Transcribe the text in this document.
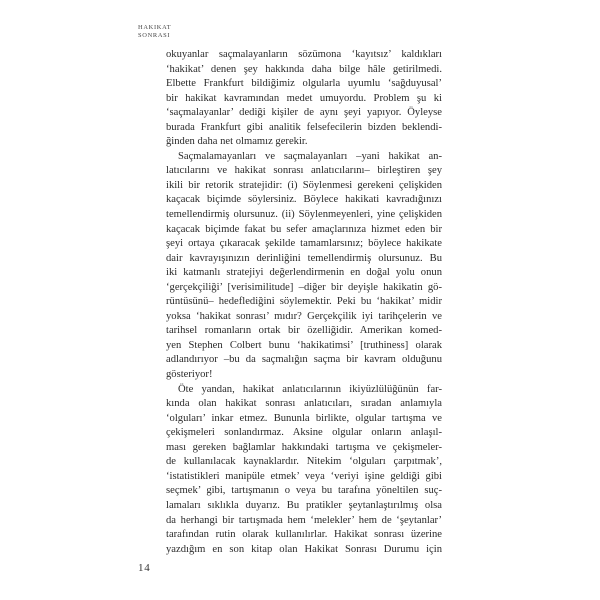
HAKIKAT
SONRASI
okuyanlar saçmalayanların sözümona ‘kayıtsız’ kaldıkları
‘hakikat’ denen şey hakkında daha bilge hâle getirilmedi.
Elbette Frankfurt bildiğimiz olgularla uyumlu ‘sağduyusal’
bir hakikat kavramından medet umuyordu. Problem şu ki
‘saçmalayanlar’ dediği kişiler de aynı şeyi yapıyor. Öyleyse
burada Frankfurt gibi analitik felsefecilerin bizden beklendi-
ğinden daha net olmamız gerekir.
Saçmalamayanları ve saçmalayanları –yani hakikat an-
latıcılarını ve hakikat sonrası anlatıcılarını– birleştiren şey
ikili bir retorik stratejidir: (i) Söylenmesi gerekeni çelişkiden
kaçacak biçimde söylersiniz. Böylece hakikati kavradığınızı
temellendirmiş olursunuz. (ii) Söylenmeyenleri, yine çelişkiden
kaçacak biçimde fakat bu sefer amaçlarınıza hizmet eden bir
şeyi ortaya çıkaracak şekilde tamamlarsınız; böylece hakikate
dair kavrayışınızın derinliğini temellendirmiş olursunuz. Bu
iki katmanlı stratejiyi değerlendirmenin en doğal yolu onun
‘gerçekçiliği’ [verisimilitude] –diğer bir deyişle hakikatin gö-
rüntüsünü– hedeflediğini söylemektir. Peki bu ‘hakikat’ midir
yoksa ‘hakikat sonrası’ mıdır? Gerçekçilik iyi tarihçelerin ve
tarihsel romanların ortak bir özelliğidir. Amerikan komed-
yen Stephen Colbert bunu ‘hakikatimsi’ [truthiness] olarak
adlandırıyor –bu da saçmalığın saçma bir kavram olduğunu
gösteriyor!
Öte yandan, hakikat anlatıcılarının ikiyüzlülüğünün far-
kında olan hakikat sonrası anlatıcıları, sıradan anlamıyla
‘olguları’ inkar etmez. Bununla birlikte, olgular tartışma ve
çekişmeleri sonlandırmaz. Aksine olgular onların anlaşıl-
ması gereken bağlamlar hakkındaki tartışma ve çekişmeler-
de kullanılacak kaynaklardır. Nitekim ‘olguları çarpıtmak’,
‘istatistikleri manipüle etmek’ veya ‘veriyi işine geldiği gibi
seçmek’ gibi, tartışmanın o veya bu tarafına yöneltilen suç-
lamaları sıklıkla duyarız. Bu pratikler şeytanlaştırılmış olsa
da herhangi bir tartışmada hem ‘melekler’ hem de ‘şeytanlar’
tarafından rutin olarak kullanılırlar. Hakikat sonrası üzerine
yazdığım en son kitap olan Hakikat Sonrası Durumu için
14
